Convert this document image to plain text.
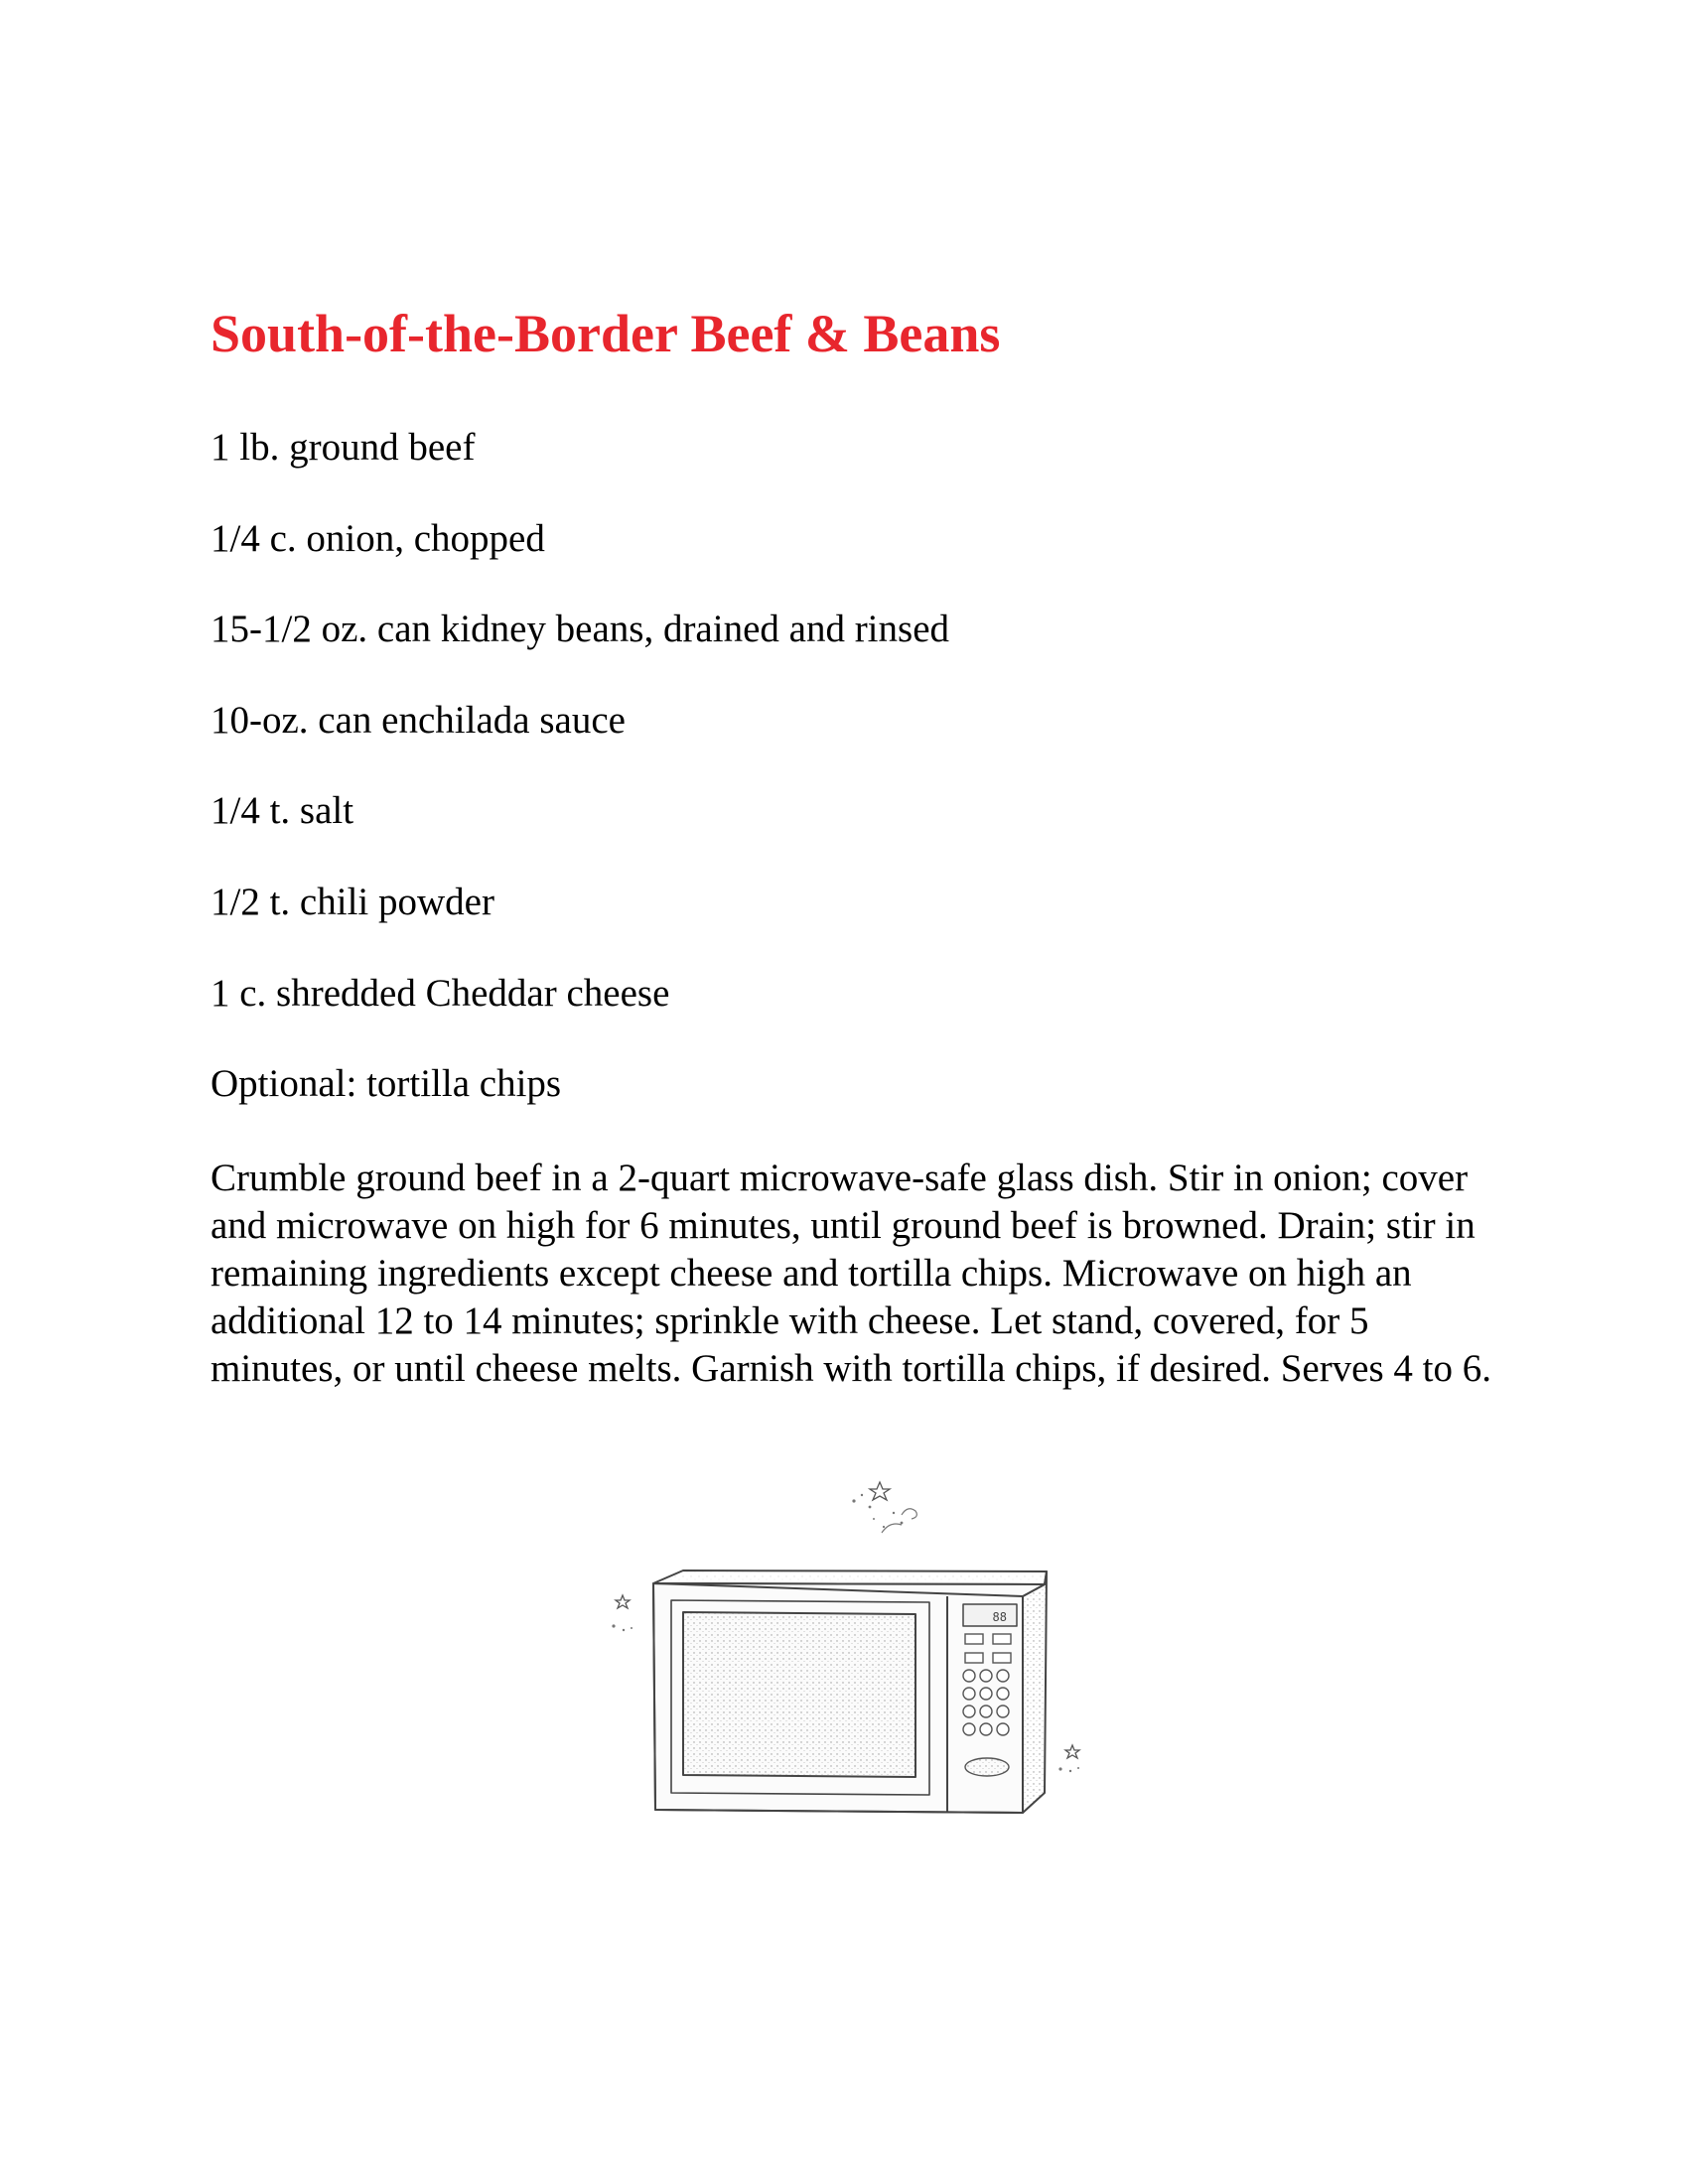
South-of-the-Border Beef & Beans
1 lb. ground beef
1/4 c. onion, chopped
15-1/2 oz. can kidney beans, drained and rinsed
10-oz. can enchilada sauce
1/4 t. salt
1/2 t. chili powder
1 c. shredded Cheddar cheese
Optional: tortilla chips

Crumble ground beef in a 2-quart microwave-safe glass dish. Stir in onion; cover and microwave on high for 6 minutes, until ground beef is browned. Drain; stir in remaining ingredients except cheese and tortilla chips. Microwave on high an additional 12 to 14 minutes; sprinkle with cheese. Let stand, covered, for 5 minutes, or until cheese melts. Garnish with tortilla chips, if desired. Serves 4 to 6.

88
